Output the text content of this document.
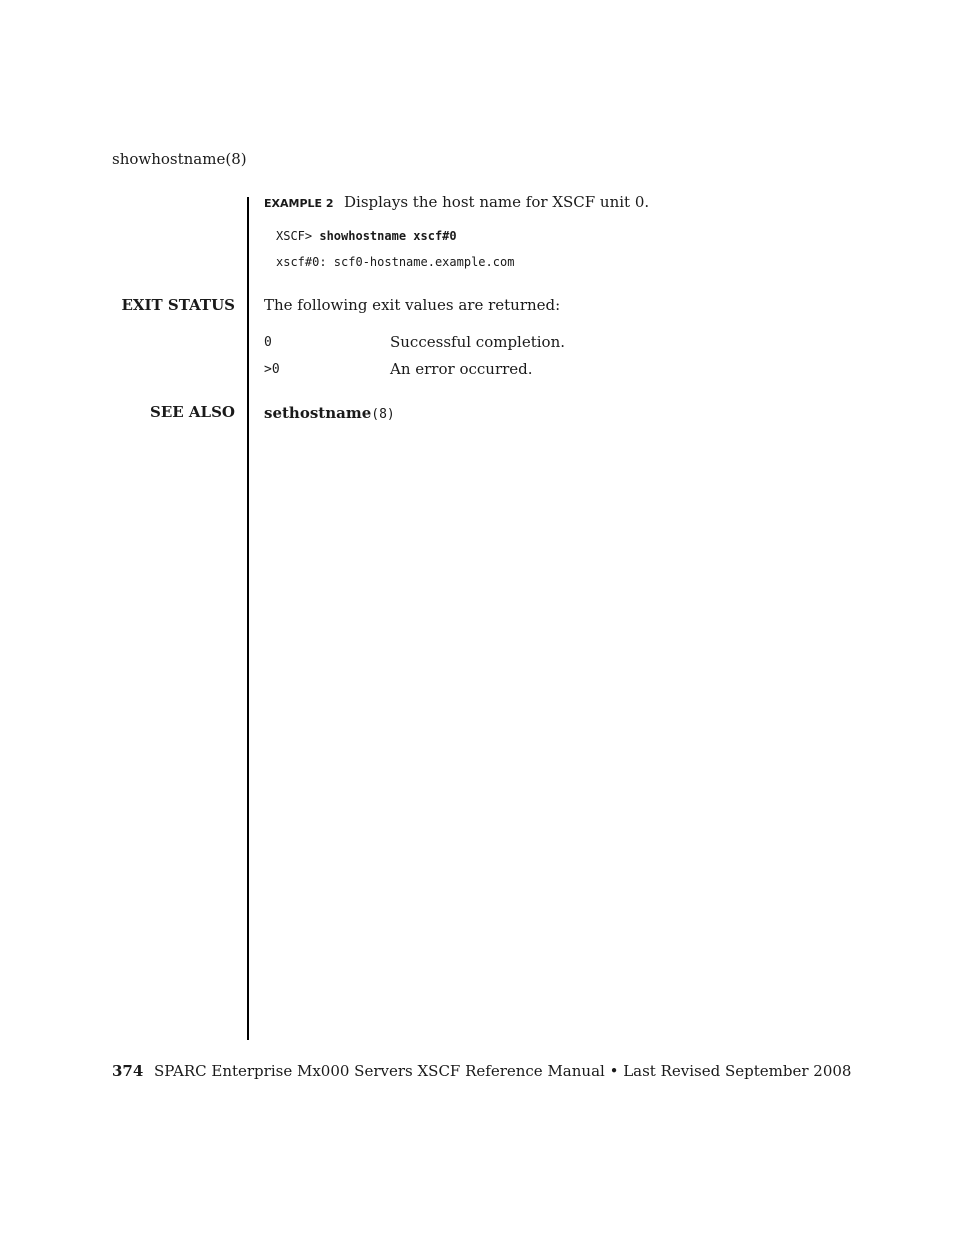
showhostname(8)
EXAMPLE 2 Displays the host name for XSCF unit 0.
XSCF> showhostname xscf#0
xscf#0: scf0-hostname.example.com
EXIT STATUS The following exit values are returned:
0	Successful completion.
>0	An error occurred.
SEE ALSO sethostname(8)
374 SPARC Enterprise Mx000 Servers XSCF Reference Manual • Last Revised September 2008
